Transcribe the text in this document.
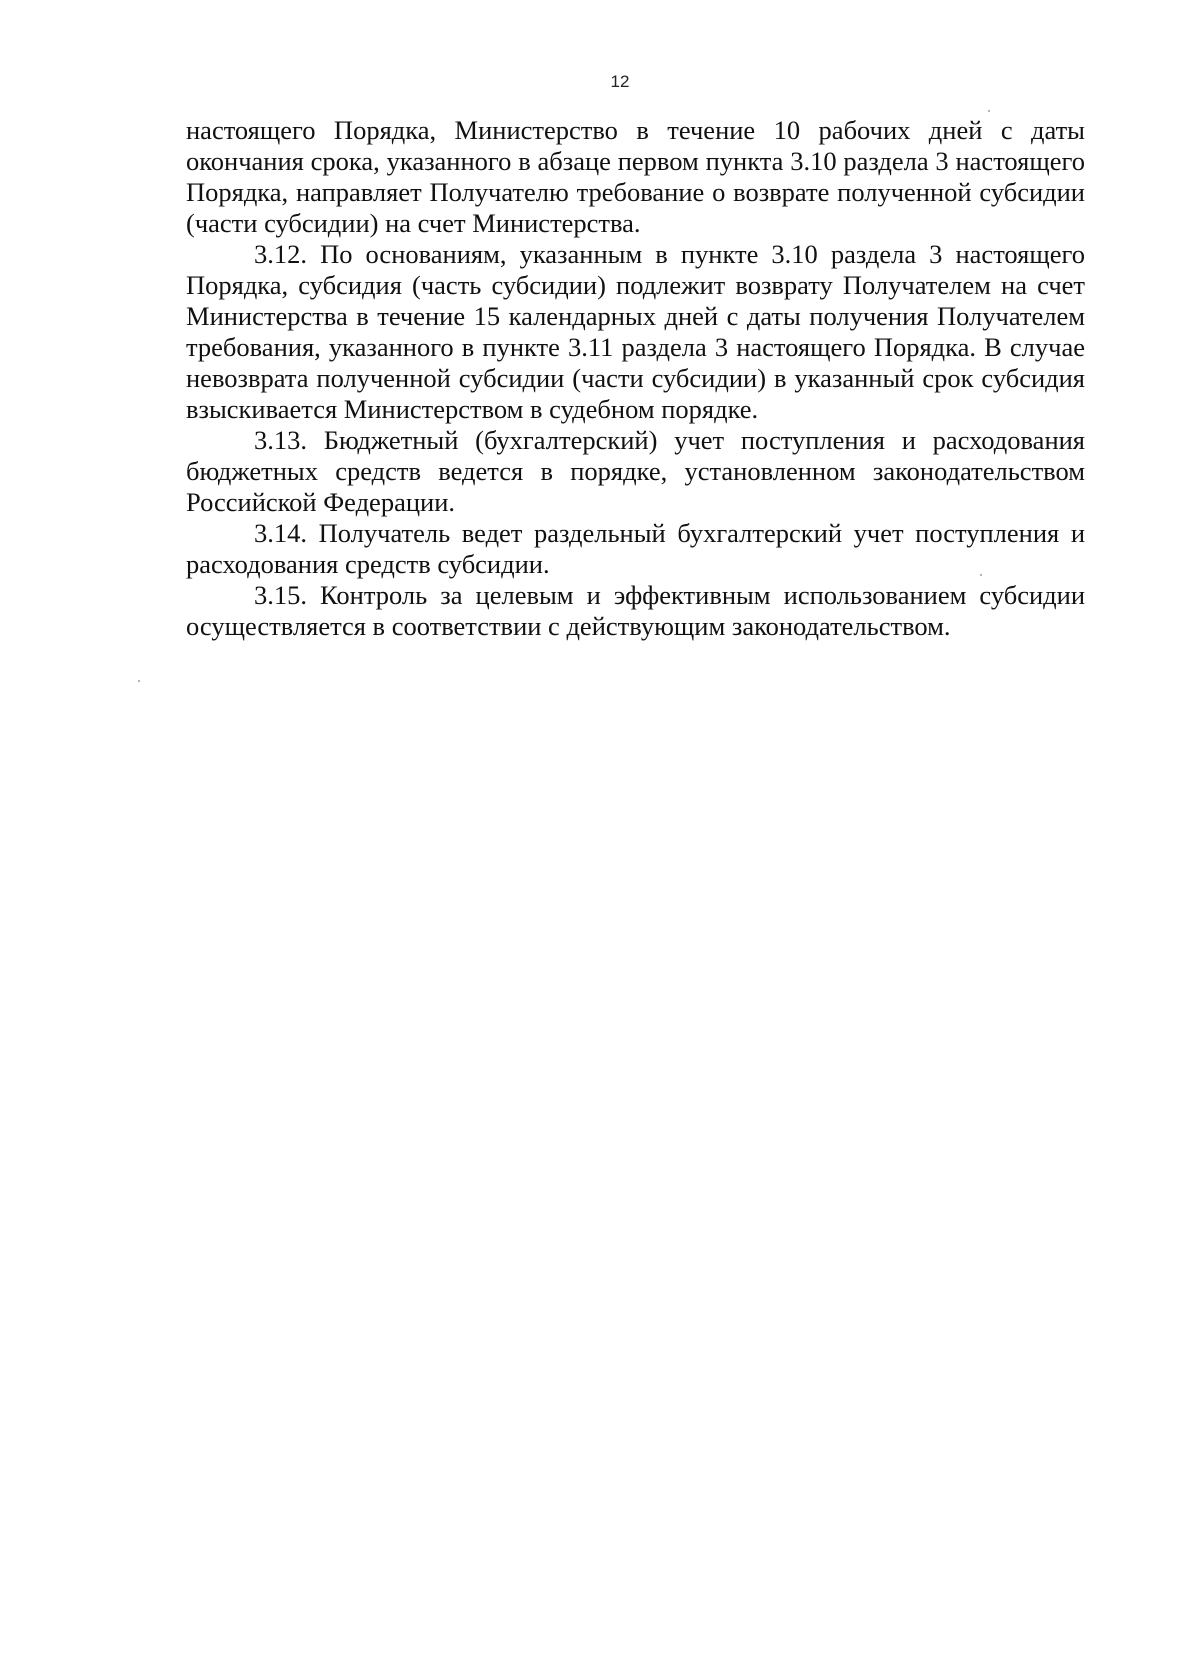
12

настоящего Порядка, Министерство в течение 10 рабочих дней с даты окончания срока, указанного в абзаце первом пункта 3.10 раздела 3 настоящего Порядка, направляет Получателю требование о возврате полученной субсидии (части субсидии) на счет Министерства.

3.12. По основаниям, указанным в пункте 3.10 раздела 3 настоящего Порядка, субсидия (часть субсидии) подлежит возврату Получателем на счет Министерства в течение 15 календарных дней с даты получения Получателем требования, указанного в пункте 3.11 раздела 3 настоящего Порядка. В случае невозврата полученной субсидии (части субсидии) в указанный срок субсидия взыскивается Министерством в судебном порядке.

3.13. Бюджетный (бухгалтерский) учет поступления и расходования бюджетных средств ведется в порядке, установленном законодательством Российской Федерации.

3.14. Получатель ведет раздельный бухгалтерский учет поступления и расходования средств субсидии.

3.15. Контроль за целевым и эффективным использованием субсидии осуществляется в соответствии с действующим законодательством.
